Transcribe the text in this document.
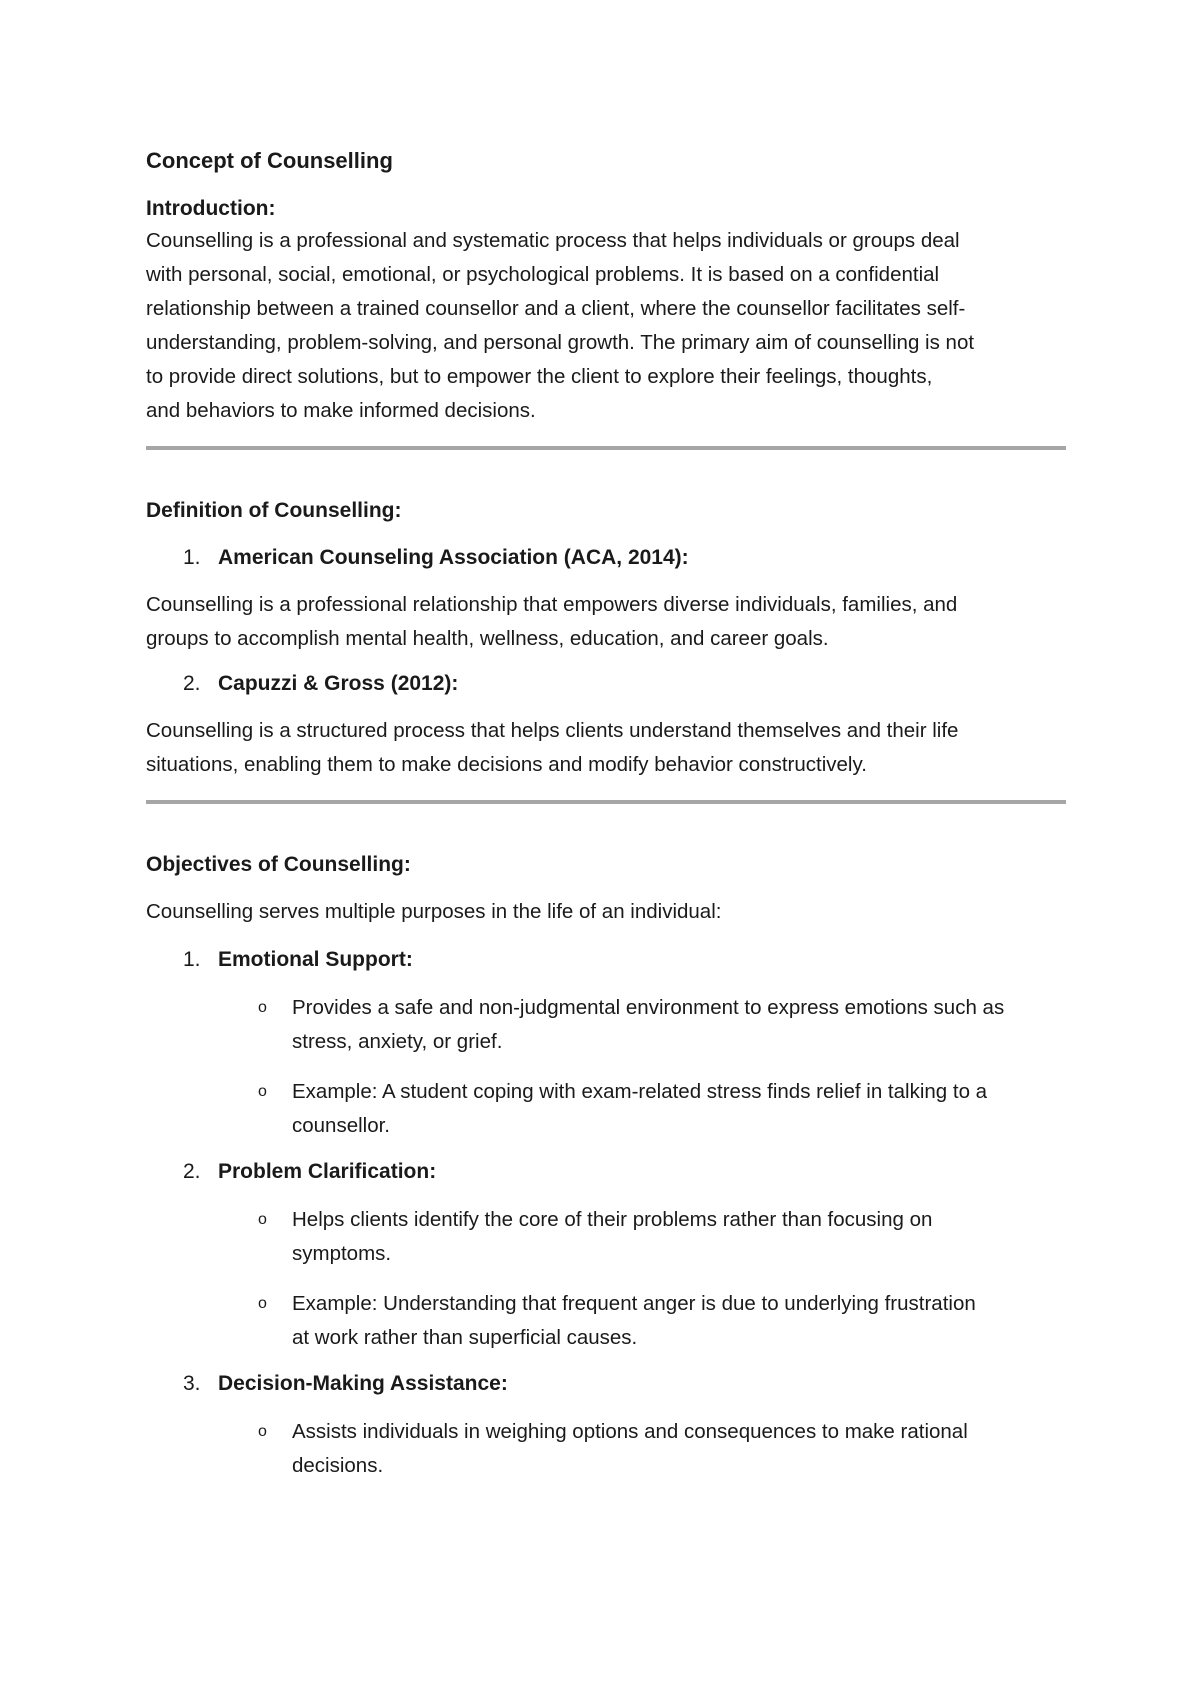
Concept of Counselling
Introduction:

Counselling is a professional and systematic process that helps individuals or groups deal
with personal, social, emotional, or psychological problems. It is based on a confidential
relationship between a trained counsellor and a client, where the counsellor facilitates self-
understanding, problem-solving, and personal growth. The primary aim of counselling is not
to provide direct solutions, but to empower the client to explore their feelings, thoughts,
and behaviors to make informed decisions.

Definition of Counselling:
1. American Counseling Association (ACA, 2014):

Counselling is a professional relationship that empowers diverse individuals, families, and
groups to accomplish mental health, wellness, education, and career goals.

2. Capuzzi & Gross (2012):

Counselling is a structured process that helps clients understand themselves and their life
situations, enabling them to make decisions and modify behavior constructively.

Objectives of Counselling:

Counselling serves multiple purposes in the life of an individual:

1. Emotional Support:
o Provides a safe and non-judgmental environment to express emotions such as
stress, anxiety, or grief.
o Example: A student coping with exam-related stress finds relief in talking to a
counsellor.
2. Problem Clarification:
o Helps clients identify the core of their problems rather than focusing on
symptoms.
o Example: Understanding that frequent anger is due to underlying frustration
at work rather than superficial causes.
3. Decision-Making Assistance:
o Assists individuals in weighing options and consequences to make rational
decisions.
